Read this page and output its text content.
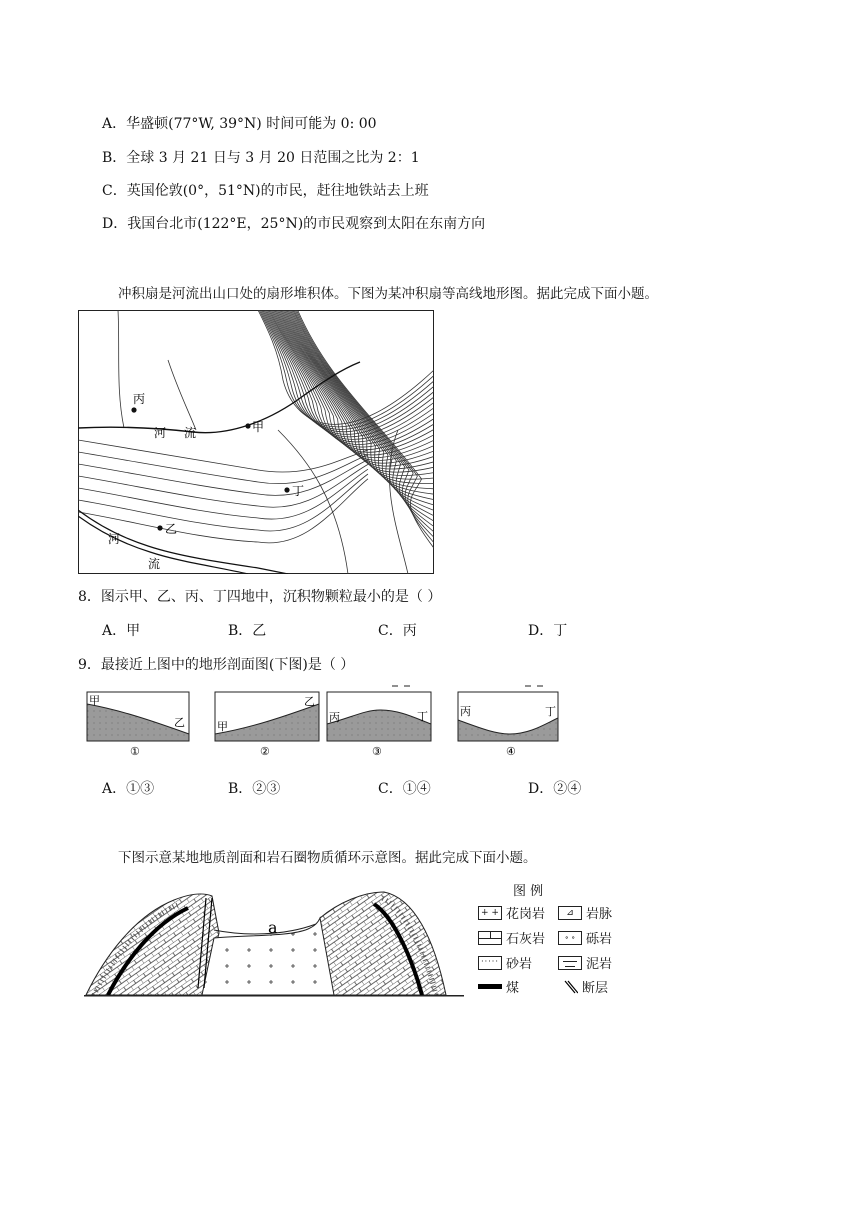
A．华盛顿(77°W, 39°N) 时间可能为 0: 00
B．全球 3 月 21 日与 3 月 20 日范围之比为 2：1
C．英国伦敦(0°，51°N)的市民，赶往地铁站去上班
D．我国台北市(122°E，25°N)的市民观察到太阳在东南方向
冲积扇是河流出山口处的扇形堆积体。下图为某冲积扇等高线地形图。据此完成下面小题。
丙
甲
丁
乙
河 流
河
流
8．图示甲、乙、丙、丁四地中，沉积物颗粒最小的是（ ）
A．甲	B．乙	C．丙	D．丁
9．最接近上图中的地形剖面图(下图)是（ ）
甲
乙
①
甲
乙
②
丙	丁
③
丙	丁
④
A．①③	B．②③	C．①④	D．②④
下图示意某地地质剖面和岩石圈物质循环示意图。据此完成下面小题。
a
图 例
+ + 花岗岩	⊿ 岩脉
石灰岩	∘ ∘ 砾岩
····· 砂岩	泥岩
煤	断层
